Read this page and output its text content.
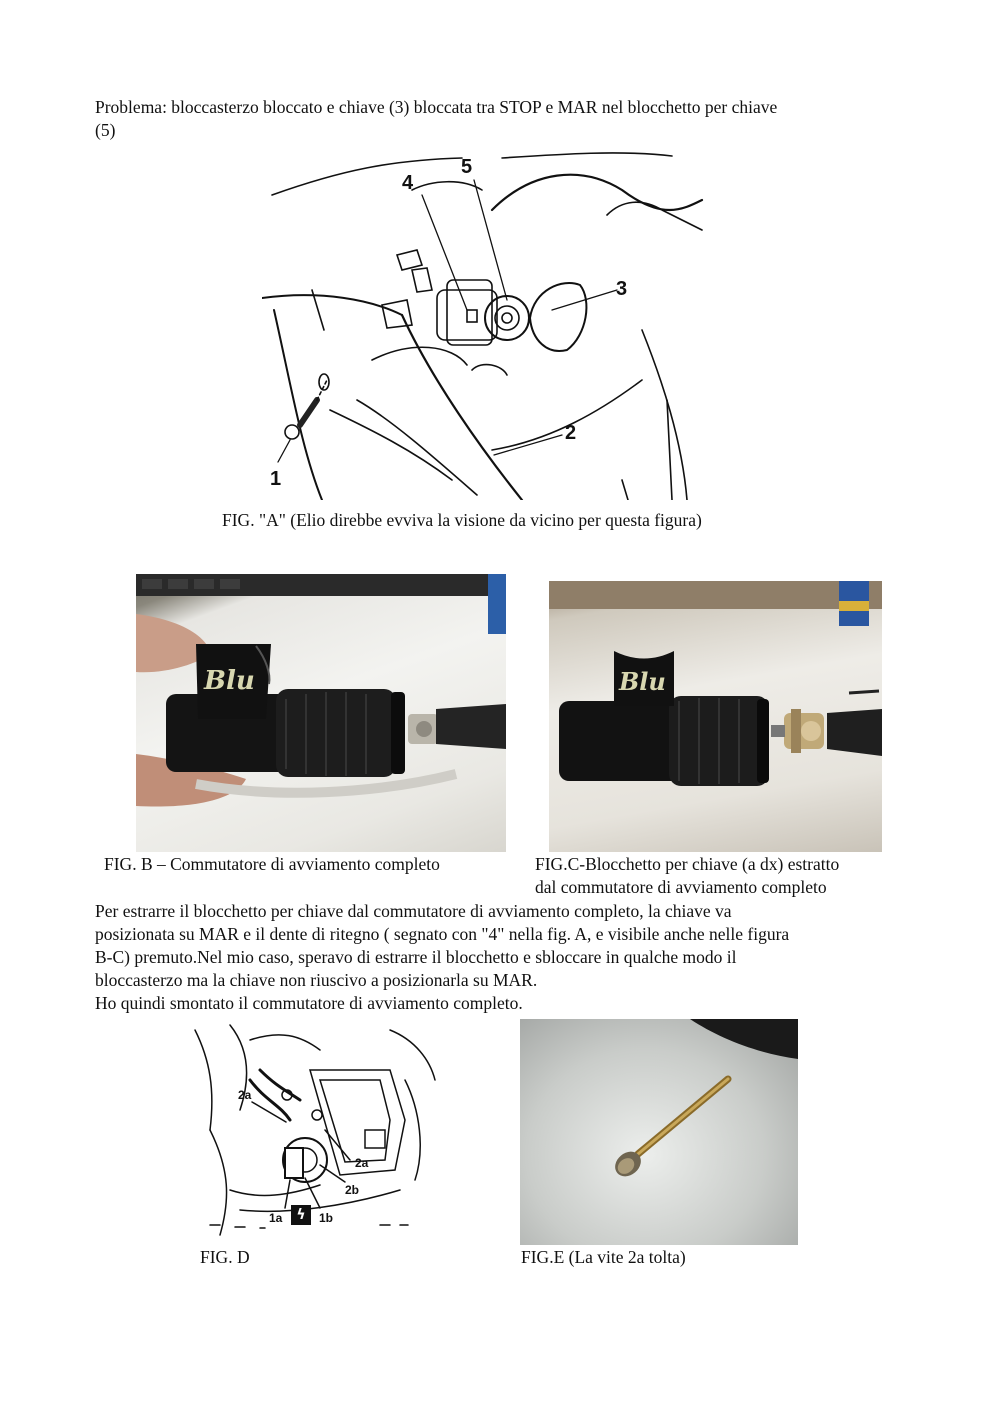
Problema: bloccasterzo bloccato e chiave (3) bloccata tra STOP e MAR nel blocchetto per chiave
(5)
4
5
3
2
1
FIG. "A" (Elio direbbe evviva la visione da vicino per questa figura)
Blu
FIG. B – Commutatore di avviamento completo
Blu
FIG.C-Blocchetto per chiave (a dx) estratto
dal commutatore di avviamento completo
Per estrarre il blocchetto per chiave dal commutatore di avviamento completo, la chiave va
posizionata su MAR e il dente di ritegno ( segnato con "4" nella fig. A, e visibile anche nelle figura
B-C) premuto.Nel mio caso, speravo di estrarre il blocchetto e sbloccare in qualche modo il
bloccasterzo ma la chiave non riuscivo a posizionarla su MAR.
Ho quindi smontato il commutatore di avviamento completo.
2a
2a
2b
1a	ϟ	1b
FIG. D	FIG.E (La vite 2a tolta)
